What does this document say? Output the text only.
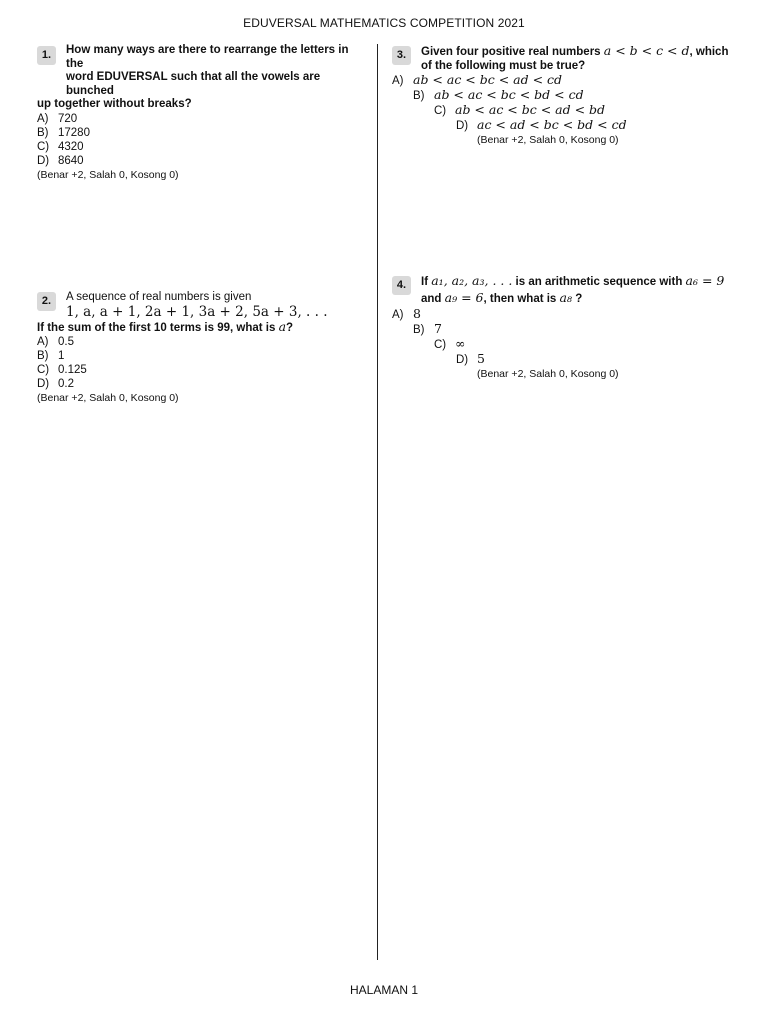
EDUVERSAL MATHEMATICS COMPETITION 2021
1.	How many ways are there to rearrange the letters in the
word EDUVERSAL such that all the vowels are bunched
up together without breaks?
A) 720
B) 17280
C) 4320
D) 8640
(Benar +2, Salah 0, Kosong 0)
2.	A sequence of real numbers is given
1, a, a + 1, 2a + 1, 3a + 2, 5a + 3, . . .
If the sum of the first 10 terms is 99, what is a?
A) 0.5
B) 1
C) 0.125
D) 0.2
(Benar +2, Salah 0, Kosong 0)
3.	Given four positive real numbers a < b < c < d, which
of the following must be true?
A) ab < ac < bc < ad < cd
B) ab < ac < bc < bd < cd
C) ab < ac < bc < ad < bd
D) ac < ad < bc < bd < cd
(Benar +2, Salah 0, Kosong 0)
4.	If a₁, a₂, a₃, . . . is an arithmetic sequence with a₆ = 9
and a₉ = 6, then what is a₈ ?
A) 8
B) 7
C) ∞
D) 5
(Benar +2, Salah 0, Kosong 0)
HALAMAN 1
